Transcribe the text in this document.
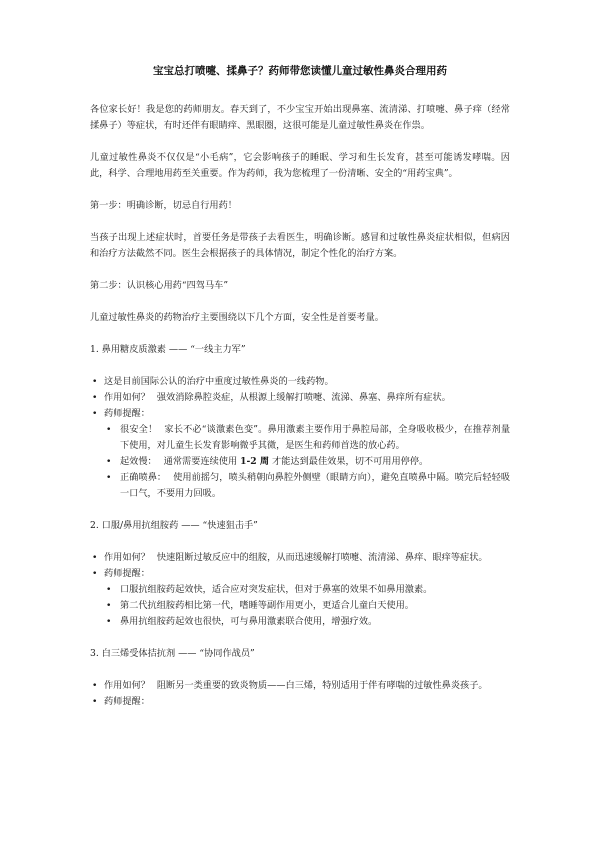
宝宝总打喷嚏、揉鼻子？药师带您读懂儿童过敏性鼻炎合理用药

各位家长好！我是您的药师朋友。春天到了，不少宝宝开始出现鼻塞、流清涕、打喷嚏、鼻子痒（经常揉鼻子）等症状，有时还伴有眼睛痒、黑眼圈，这很可能是儿童过敏性鼻炎在作祟。

儿童过敏性鼻炎不仅仅是“小毛病”，它会影响孩子的睡眠、学习和生长发育，甚至可能诱发哮喘。因此，科学、合理地用药至关重要。作为药师，我为您梳理了一份清晰、安全的“用药宝典”。

第一步：明确诊断，切忌自行用药！

当孩子出现上述症状时，首要任务是带孩子去看医生，明确诊断。感冒和过敏性鼻炎症状相似，但病因和治疗方法截然不同。医生会根据孩子的具体情况，制定个性化的治疗方案。

第二步：认识核心用药“四驾马车”

儿童过敏性鼻炎的药物治疗主要围绕以下几个方面，安全性是首要考量。

1. 鼻用糖皮质激素 —— “一线主力军”

• 这是目前国际公认的治疗中重度过敏性鼻炎的一线药物。
• 作用如何？ 强效消除鼻腔炎症，从根源上缓解打喷嚏、流涕、鼻塞、鼻痒所有症状。
• 药师提醒：
• 很安全！ 家长不必“谈激素色变”。鼻用激素主要作用于鼻腔局部，全身吸收极少，在推荐剂量下使用，对儿童生长发育影响微乎其微，是医生和药师首选的放心药。
• 起效慢： 通常需要连续使用 1-2 周 才能达到最佳效果，切不可用用停停。
• 正确喷鼻： 使用前摇匀，喷头稍朝向鼻腔外侧壁（眼睛方向），避免直喷鼻中隔。喷完后轻轻吸一口气，不要用力回吸。

2. 口服/鼻用抗组胺药 —— “快速狙击手”

• 作用如何？ 快速阻断过敏反应中的组胺，从而迅速缓解打喷嚏、流清涕、鼻痒、眼痒等症状。
• 药师提醒：
• 口服抗组胺药起效快，适合应对突发症状，但对于鼻塞的效果不如鼻用激素。
• 第二代抗组胺药相比第一代，嗜睡等副作用更小，更适合儿童白天使用。
• 鼻用抗组胺药起效也很快，可与鼻用激素联合使用，增强疗效。

3. 白三烯受体拮抗剂 —— “协同作战员”

• 作用如何？ 阻断另一类重要的致炎物质——白三烯，特别适用于伴有哮喘的过敏性鼻炎孩子。
• 药师提醒：
